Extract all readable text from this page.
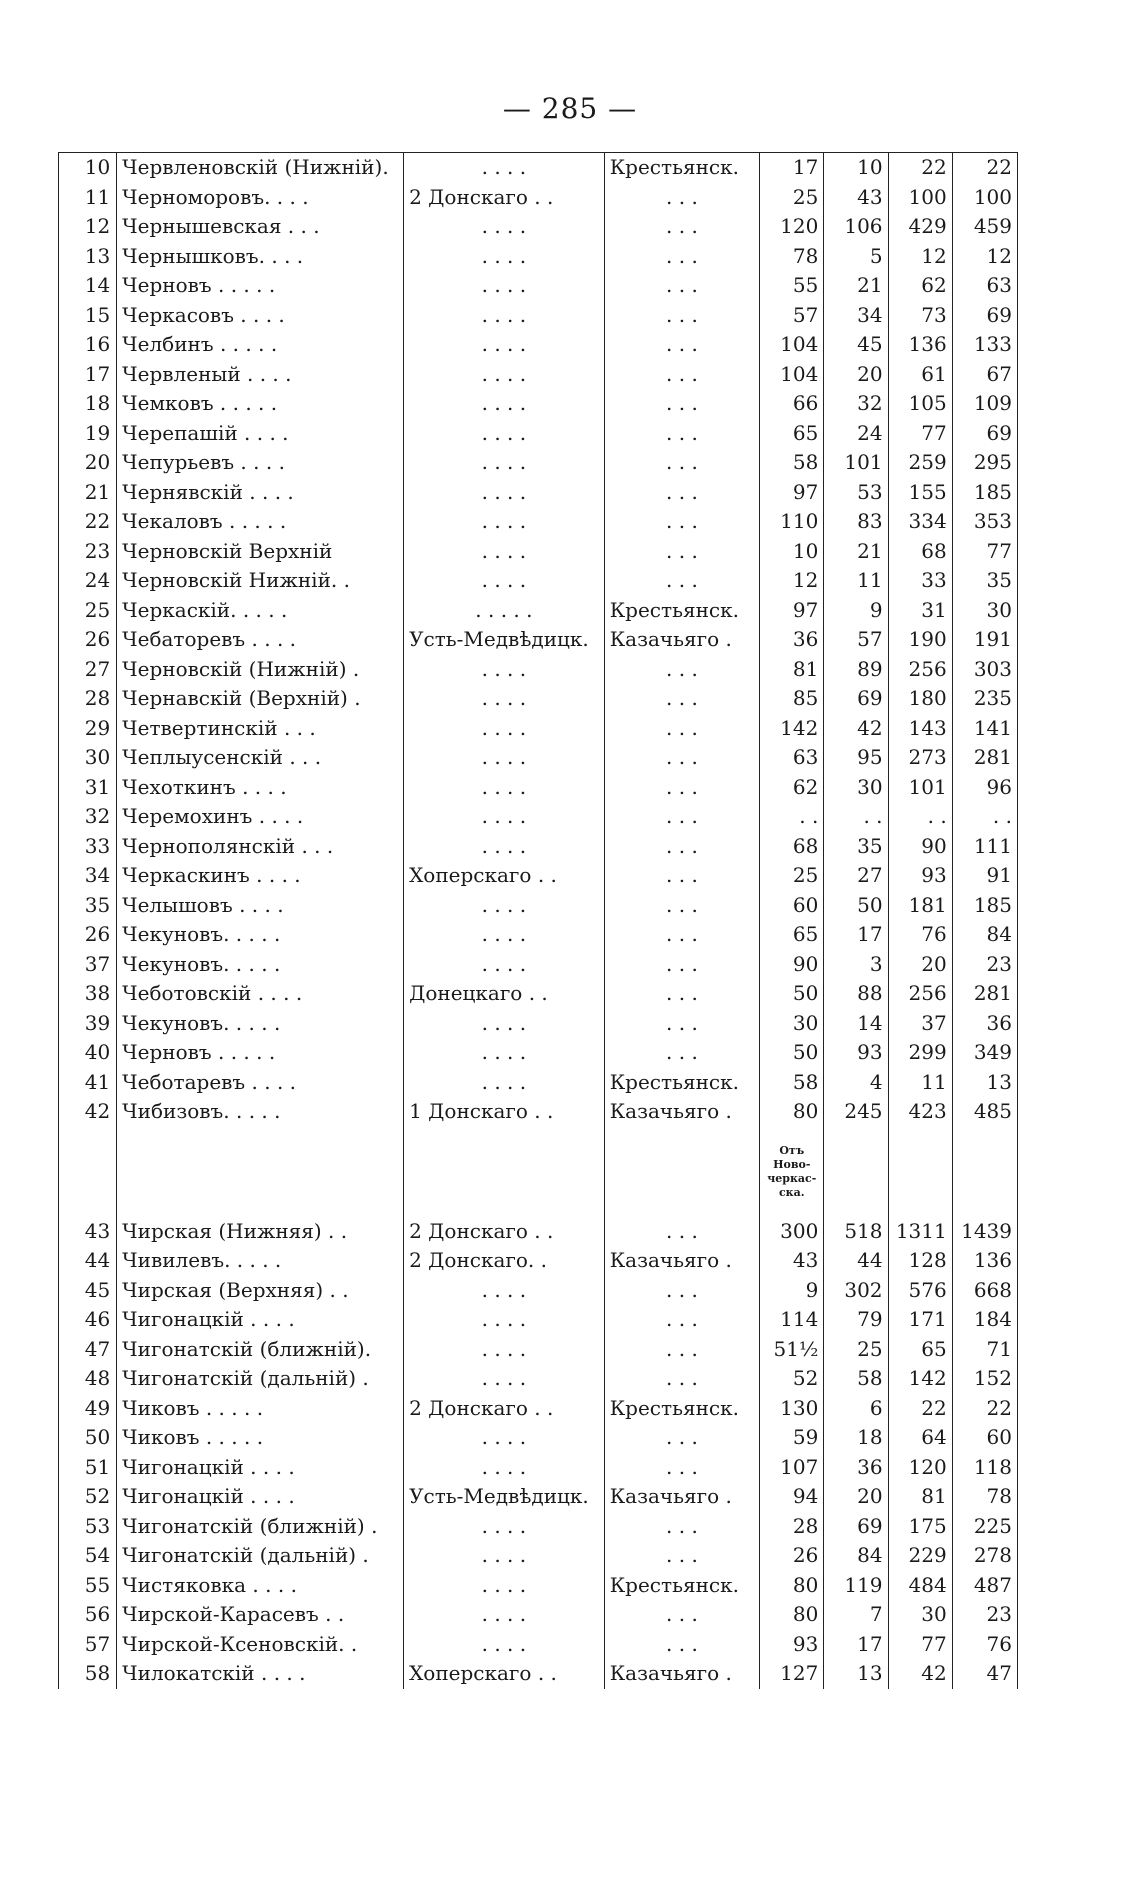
— 285 —
10	Червленовскій (Нижній).	. . . .	Крестьянск.	17	10	22	22
11	Черноморовъ. . . .	2 Донскаго . .	. . .	25	43	100	100
12	Чернышевская . . .	. . . .	. . .	120	106	429	459
13	Чернышковъ. . . .	. . . .	. . .	78	5	12	12
14	Черновъ . . . . .	. . . .	. . .	55	21	62	63
15	Черкасовъ . . . .	. . . .	. . .	57	34	73	69
16	Челбинъ . . . . .	. . . .	. . .	104	45	136	133
17	Червленый . . . .	. . . .	. . .	104	20	61	67
18	Чемковъ . . . . .	. . . .	. . .	66	32	105	109
19	Черепашій . . . .	. . . .	. . .	65	24	77	69
20	Чепурьевъ . . . .	. . . .	. . .	58	101	259	295
21	Чернявскій . . . .	. . . .	. . .	97	53	155	185
22	Чекаловъ . . . . .	. . . .	. . .	110	83	334	353
23	Черновскій Верхній	. . . .	. . .	10	21	68	77
24	Черновскій Нижній. .	. . . .	. . .	12	11	33	35
25	Черкаскій. . . . .	. . . . .	Крестьянск.	97	9	31	30
26	Чебаторевъ . . . .	Усть-Медвѣдицк.	Казачьяго .	36	57	190	191
27	Черновскій (Нижній) .	. . . .	. . .	81	89	256	303
28	Чернавскій (Верхній) .	. . . .	. . .	85	69	180	235
29	Четвертинскій . . .	. . . .	. . .	142	42	143	141
30	Чеплыусенскій . . .	. . . .	. . .	63	95	273	281
31	Чехоткинъ . . . .	. . . .	. . .	62	30	101	96
32	Черемохинъ . . . .	. . . .	. . .	. .	. .	. .	. .
33	Чернополянскій . . .	. . . .	. . .	68	35	90	111
34	Черкаскинъ . . . .	Хоперскаго . .	. . .	25	27	93	91
35	Челышовъ . . . .	. . . .	. . .	60	50	181	185
26	Чекуновъ. . . . .	. . . .	. . .	65	17	76	84
37	Чекуновъ. . . . .	. . . .	. . .	90	3	20	23
38	Чеботовскій . . . .	Донецкаго . .	. . .	50	88	256	281
39	Чекуновъ. . . . .	. . . .	. . .	30	14	37	36
40	Черновъ . . . . .	. . . .	. . .	50	93	299	349
41	Чеботаревъ . . . .	. . . .	Крестьянск.	58	4	11	13
42	Чибизовъ. . . . .	1 Донскаго . .	Казачьяго .	80	245	423	485

				Отъ Ново-черкас-ска.			

43	Чирская (Нижняя) . .	2 Донскаго . .	. . .	300	518	1311	1439
44	Чивилевъ. . . . .	2 Донскаго. .	Казачьяго .	43	44	128	136
45	Чирская (Верхняя) . .	. . . .	. . .	9	302	576	668
46	Чигонацкій . . . .	. . . .	. . .	114	79	171	184
47	Чигонатскій (ближній).	. . . .	. . .	51½	25	65	71
48	Чигонатскій (дальній) .	. . . .	. . .	52	58	142	152
49	Чиковъ . . . . .	2 Донскаго . .	Крестьянск.	130	6	22	22
50	Чиковъ . . . . .	. . . .	. . .	59	18	64	60
51	Чигонацкій . . . .	. . . .	. . .	107	36	120	118
52	Чигонацкій . . . .	Усть-Медвѣдицк.	Казачьяго .	94	20	81	78
53	Чигонатскій (ближній) .	. . . .	. . .	28	69	175	225
54	Чигонатскій (дальній) .	. . . .	. . .	26	84	229	278
55	Чистяковка . . . .	. . . .	Крестьянск.	80	119	484	487
56	Чирской-Карасевъ . .	. . . .	. . .	80	7	30	23
57	Чирской-Ксеновскій. .	. . . .	. . .	93	17	77	76
58	Чилокатскій . . . .	Хоперскаго . .	Казачьяго .	127	13	42	47
